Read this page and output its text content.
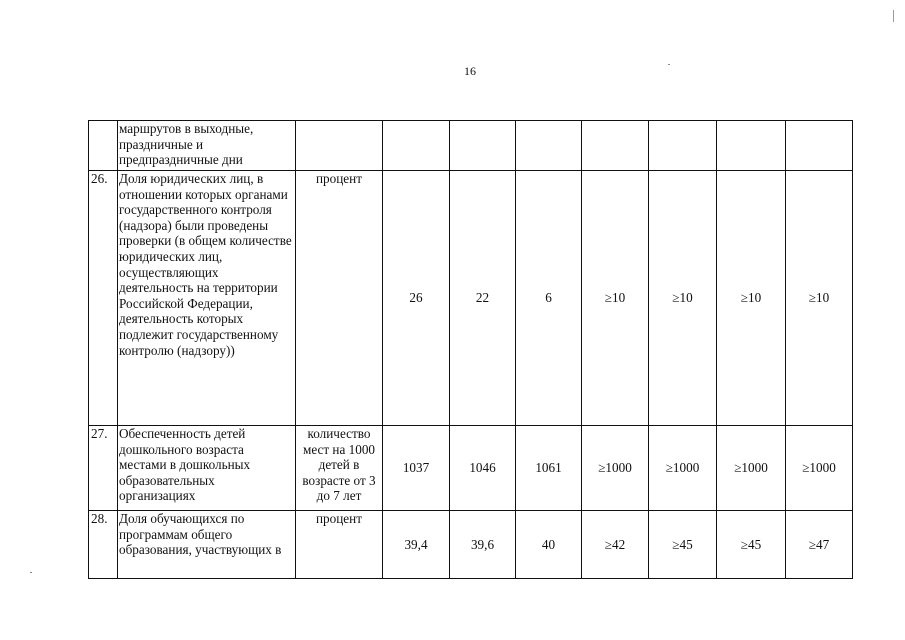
16
	маршрутов в выходные, праздничные и предпраздничные дни								
26.	Доля юридических лиц, в отношении которых органами государственного контроля (надзора) были проведены проверки (в общем количестве юридических лиц, осуществляющих деятельность на территории Российской Федерации, деятельность которых подлежит государственному контролю (надзору))	процент	26	22	6	≥10	≥10	≥10	≥10
27.	Обеспеченность детей дошкольного возраста местами в дошкольных образовательных организациях	количество мест на 1000 детей в возрасте от 3 до 7 лет	1037	1046	1061	≥1000	≥1000	≥1000	≥1000
28.	Доля обучающихся по программам общего образования, участвующих в	процент	39,4	39,6	40	≥42	≥45	≥45	≥47
